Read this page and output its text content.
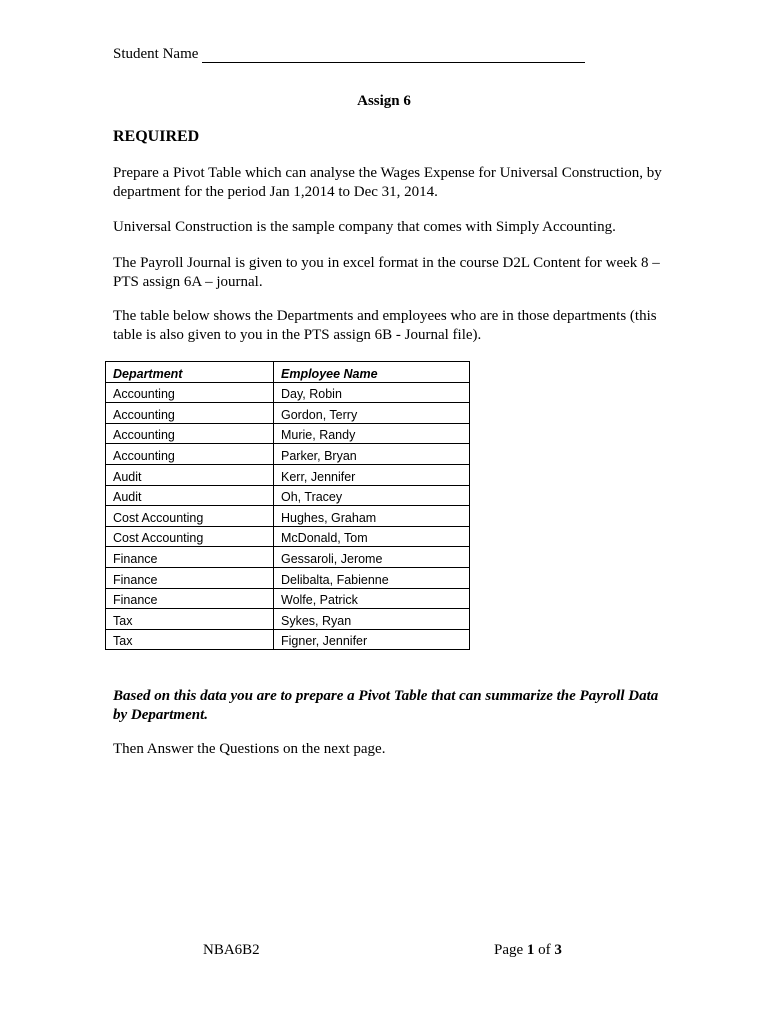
Student Name
Assign 6
REQUIRED
Prepare a Pivot Table which can analyse the Wages Expense for Universal Construction, by department for the period Jan 1,2014 to Dec 31, 2014.
Universal Construction is the sample company that comes with Simply Accounting.
The Payroll Journal is given to you in excel format in the course D2L Content for week 8 – PTS assign 6A – journal.
The table below shows the Departments and employees who are in those departments (this table is also given to you in the PTS assign 6B - Journal file).
Department	Employee Name
Accounting	Day, Robin
Accounting	Gordon, Terry
Accounting	Murie, Randy
Accounting	Parker, Bryan
Audit	Kerr, Jennifer
Audit	Oh, Tracey
Cost Accounting	Hughes, Graham
Cost Accounting	McDonald, Tom
Finance	Gessaroli, Jerome
Finance	Delibalta, Fabienne
Finance	Wolfe, Patrick
Tax	Sykes, Ryan
Tax	Figner, Jennifer
Based on this data you are to prepare a Pivot Table that can summarize the Payroll Data by Department.
Then Answer the Questions on the next page.
NBA6B2	Page 1 of 3
